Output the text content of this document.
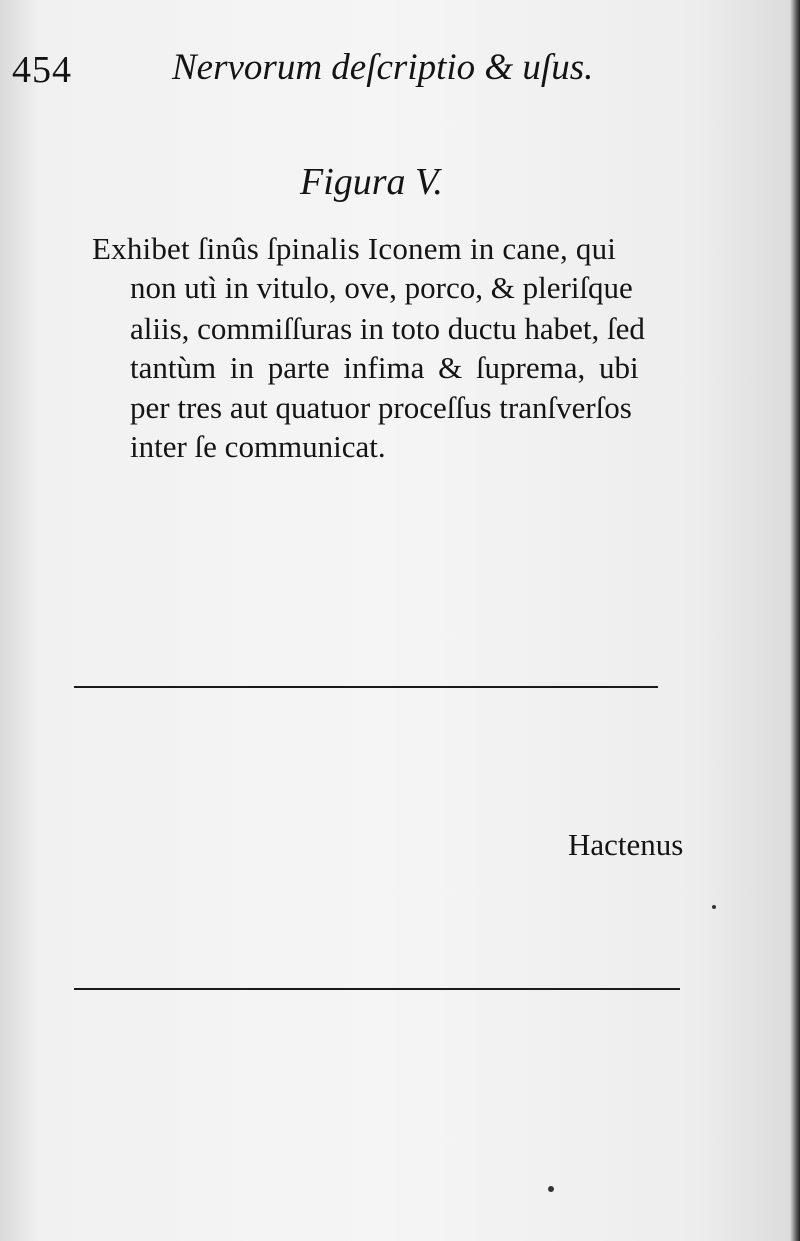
454	Nervorum deſcriptio & uſus.
Figura V.
Exhibet ſinûs ſpinalis Iconem in cane, qui
non utì in vitulo, ove, porco, & pleriſque
aliis, commiſſuras in toto ductu habet, ſed
tantùm in parte infima & ſuprema, ubi
per tres aut quatuor proceſſus tranſverſos
inter ſe communicat.
Hactenus
